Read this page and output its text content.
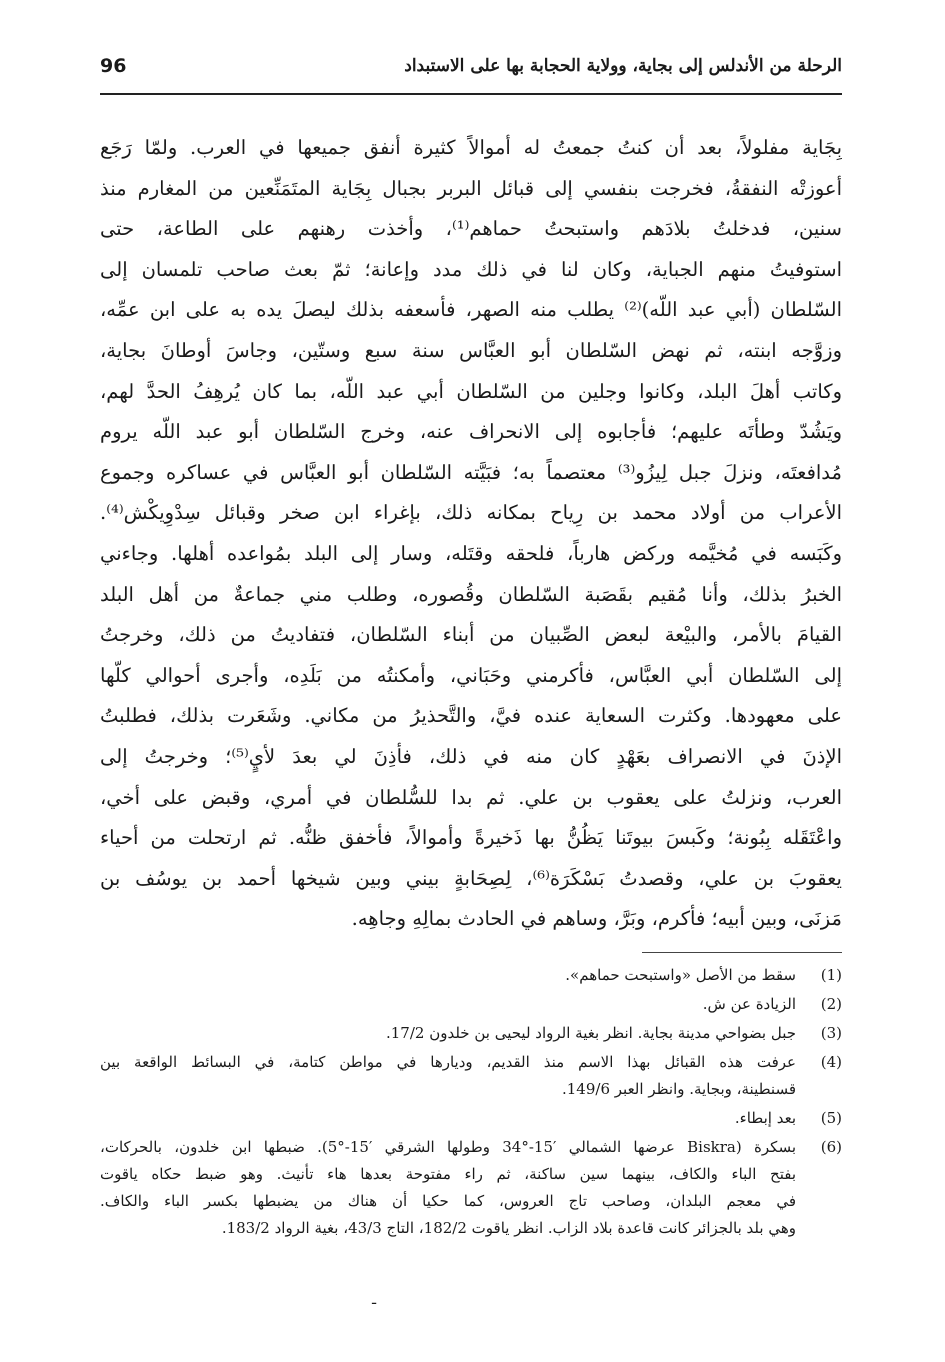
96	الرحلة من الأندلس إلى بجاية، وولاية الحجابة بها على الاستبداد
بِجَاية مفلولاً، بعد أن كنتُ جمعتُ له أموالاً كثيرة أنفق جميعها في العرب. ولمّا رَجَع
أعوزتْه النفقةُ، فخرجت بنفسي إلى قبائل البربر بجبال بِجَاية المتَمَنِّعين من المغارم منذ
سنين، فدخلتُ بلادَهم واستبحتُ حماهم⁽¹⁾، وأخذت رهنهم على الطاعة، حتى
استوفيتُ منهم الجباية، وكان لنا في ذلك مدد وإعانة؛ ثمّ بعث صاحب تلمسان إلى
السّلطان (أبي عبد اللّه)⁽²⁾ يطلب منه الصهر، فأسعفه بذلك ليصلَ يده به على ابن عمِّه،
وزوَّجه ابنته، ثم نهض السّلطان أبو العبَّاس سنة سبع وستّين، وجاسَ أوطانَ بجاية،
وكاتب أهلَ البلد، وكانوا وجلين من السّلطان أبي عبد اللّه، بما كان يُرهِفُ الحدَّ لهم،
ويَشُدّ وطأتَه عليهم؛ فأجابوه إلى الانحراف عنه، وخرج السّلطان أبو عبد اللّه يروم
مُدافعتَه، ونزلَ جبل لِيزُو⁽³⁾ معتصماً به؛ فبَيَّته السّلطان أبو العبَّاس في عساكره وجموع
الأعراب من أولاد محمد بن رِياح بمكانه ذلك، بإغراء ابن صخر وقبائل سِدْوِيكْش⁽⁴⁾.
وكَبَسه في مُخيَّمه وركض هارباً، فلحقه وقتَله، وسار إلى البلد بمُواعده أهلها. وجاءني
الخبرُ بذلك، وأنا مُقيم بقَصَبة السّلطان وقُصوره، وطلب مني جماعةٌ من أهل البلد
القيامَ بالأمر، والبيْعة لبعض الصِّبيان من أبناء السّلطان، فتفاديتُ من ذلك، وخرجتُ
إلى السّلطان أبي العبَّاس، فأكرمني وحَبَاني، وأمكنتُه من بَلَدِه، وأجرى أحوالي كلّها
على معهودها. وكثرت السعاية عنده فيَّ، والتَّحذيرُ من مكاني. وشَعَرت بذلك، فطلبتُ
الإذنَ في الانصراف بعَهْدٍ كان منه في ذلك، فأذِنَ لي بعدَ لأيٍ⁽⁵⁾؛ وخرجتُ إلى
العرب، ونزلتُ على يعقوب بن علي. ثم بدا للسُّلطان في أمري، وقبض على أخي،
واعْتَقَله بِبُونة؛ وكَبسَ بيوتَنا يَظُنُّ بها ذَخيرةً وأموالاً، فأخفق ظنُّه. ثم ارتحلت من أحياء
يعقوبَ بن علي، وقصدتُ بَسْكَرَة⁽⁶⁾، لِصِحَابةٍ بيني وبين شيخها أحمد بن يوسُف بن
مَزنَى، وبين أبيه؛ فأكرم، وبَرَّ، وساهم في الحادث بمالِهِ وجاهِه.
(1)
سقط من الأصل «واستبحت حماهم».
(2)
الزيادة عن ش.
(3)
جبل بضواحي مدينة بجاية. انظر بغية الرواد ليحيى بن خلدون 17/2.
(4)
عرفت هذه القبائل بهذا الاسم منذ القديم، وديارها في مواطن كتامة، في البسائط الواقعة بين
قسنطينة، وبجاية. وانظر العبر 149/6.
(5)
بعد إبطاء.
(6)
بسكرة (Biskra عرضها الشمالي ′15-°34 وطولها الشرقي ′15-°5). ضبطها ابن خلدون، بالحركات،
بفتح الباء والكاف، بينهما سين ساكنة، ثم راء مفتوحة بعدها هاء تأنيث. وهو ضبط حكاه ياقوت
في معجم البلدان، وصاحب تاج العروس، كما حكيا أن هناك من يضبطها بكسر الباء والكاف.
وهي بلد بالجزائر كانت قاعدة بلاد الزاب. انظر ياقوت 182/2، التاج 43/3، بغية الرواد 183/2.
ـ
